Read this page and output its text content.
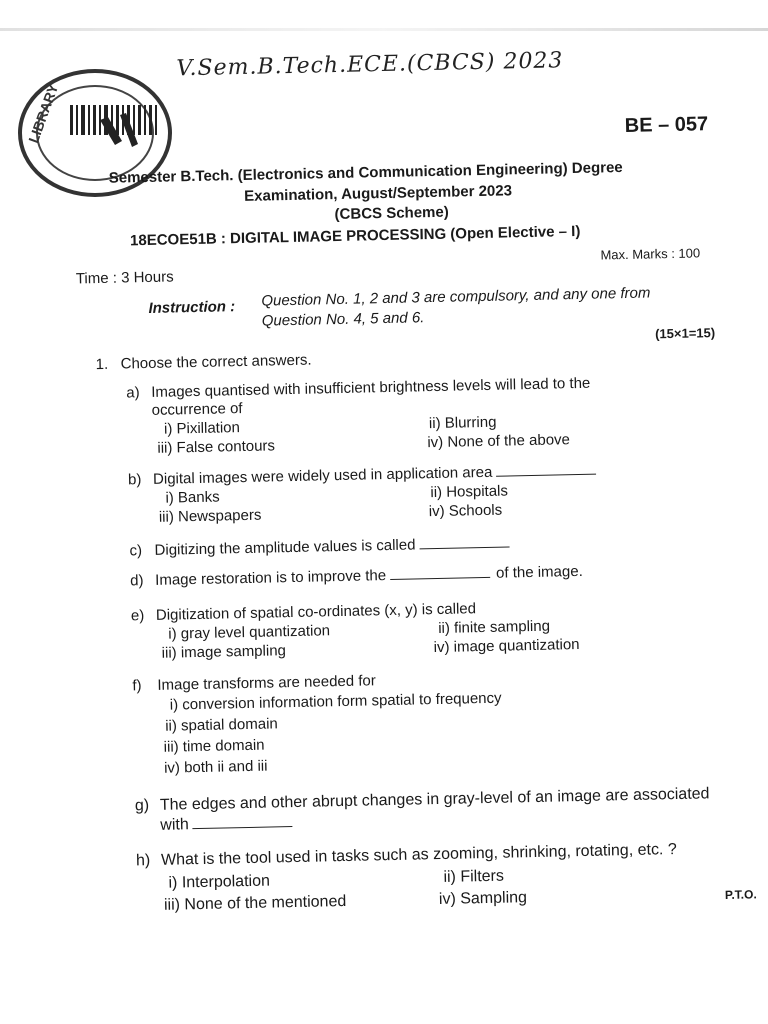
LIBRARY
V.Sem.B.Tech.ECE.(CBCS) 2023
BE – 057
Semester B.Tech. (Electronics and Communication Engineering) Degree
Examination, August/September 2023
(CBCS Scheme)
18ECOE51B : DIGITAL IMAGE PROCESSING (Open Elective – I)
Time : 3 Hours
Max. Marks : 100
Instruction : Question No. 1, 2 and 3 are compulsory, and any one from
Question No. 4, 5 and 6.
1. Choose the correct answers.
(15×1=15)
a) Images quantised with insufficient brightness levels will lead to the
occurrence of
i) Pixillation	ii) Blurring
iii) False contours	iv) None of the above
b) Digital images were widely used in application area
i) Banks	ii) Hospitals
iii) Newspapers	iv) Schools
c) Digitizing the amplitude values is called
d) Image restoration is to improve the	of the image.
e) Digitization of spatial co-ordinates (x, y) is called
i) gray level quantization	ii) finite sampling
iii) image sampling	iv) image quantization
f) Image transforms are needed for
i) conversion information form spatial to frequency
ii) spatial domain
iii) time domain
iv) both ii and iii
g) The edges and other abrupt changes in gray-level of an image are associated
with
h) What is the tool used in tasks such as zooming, shrinking, rotating, etc. ?
i) Interpolation	ii) Filters
iii) None of the mentioned	iv) Sampling	P.T.O.
